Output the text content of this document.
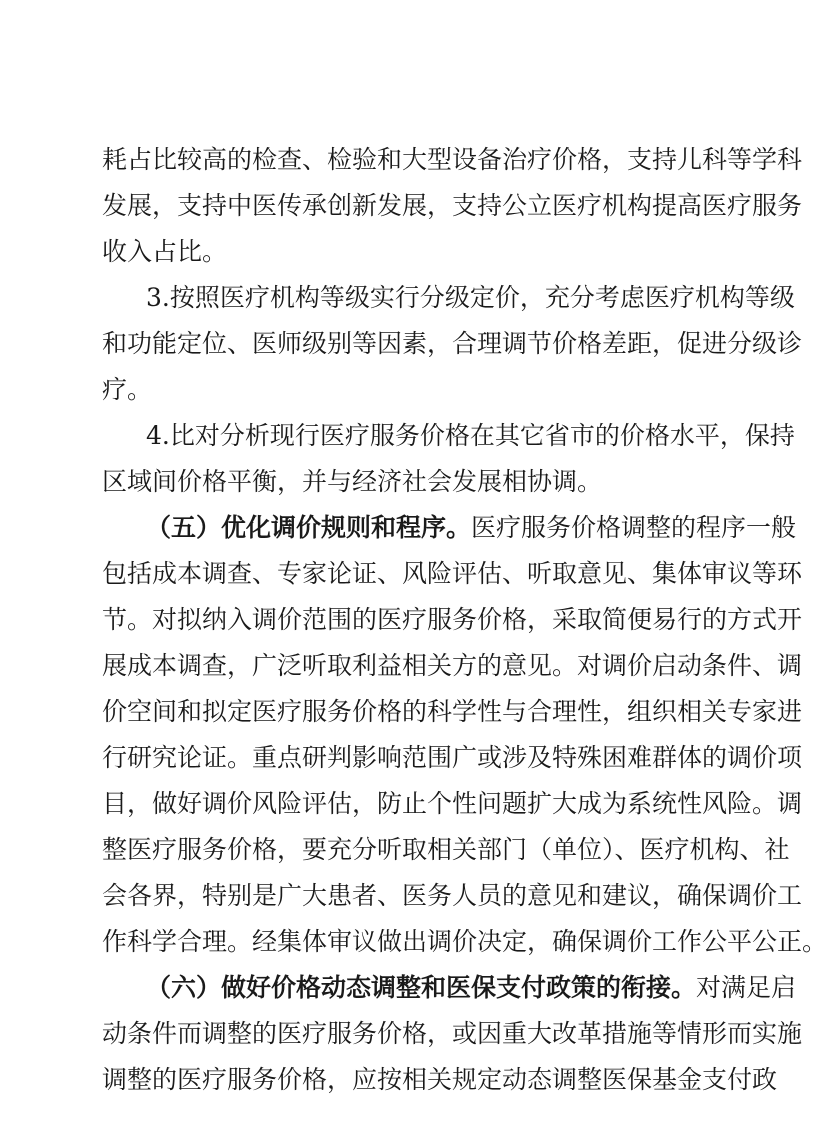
耗占比较高的检查、检验和大型设备治疗价格，支持儿科等学科
发展，支持中医传承创新发展，支持公立医疗机构提高医疗服务
收入占比。
3.按照医疗机构等级实行分级定价，充分考虑医疗机构等级
和功能定位、医师级别等因素，合理调节价格差距，促进分级诊
疗。
4.比对分析现行医疗服务价格在其它省市的价格水平，保持
区域间价格平衡，并与经济社会发展相协调。
（五）优化调价规则和程序。医疗服务价格调整的程序一般
包括成本调查、专家论证、风险评估、听取意见、集体审议等环
节。对拟纳入调价范围的医疗服务价格，采取简便易行的方式开
展成本调查，广泛听取利益相关方的意见。对调价启动条件、调
价空间和拟定医疗服务价格的科学性与合理性，组织相关专家进
行研究论证。重点研判影响范围广或涉及特殊困难群体的调价项
目，做好调价风险评估，防止个性问题扩大成为系统性风险。调
整医疗服务价格，要充分听取相关部门（单位）、医疗机构、社
会各界，特别是广大患者、医务人员的意见和建议，确保调价工
作科学合理。经集体审议做出调价决定，确保调价工作公平公正。
（六）做好价格动态调整和医保支付政策的衔接。对满足启
动条件而调整的医疗服务价格，或因重大改革措施等情形而实施
调整的医疗服务价格，应按相关规定动态调整医保基金支付政
